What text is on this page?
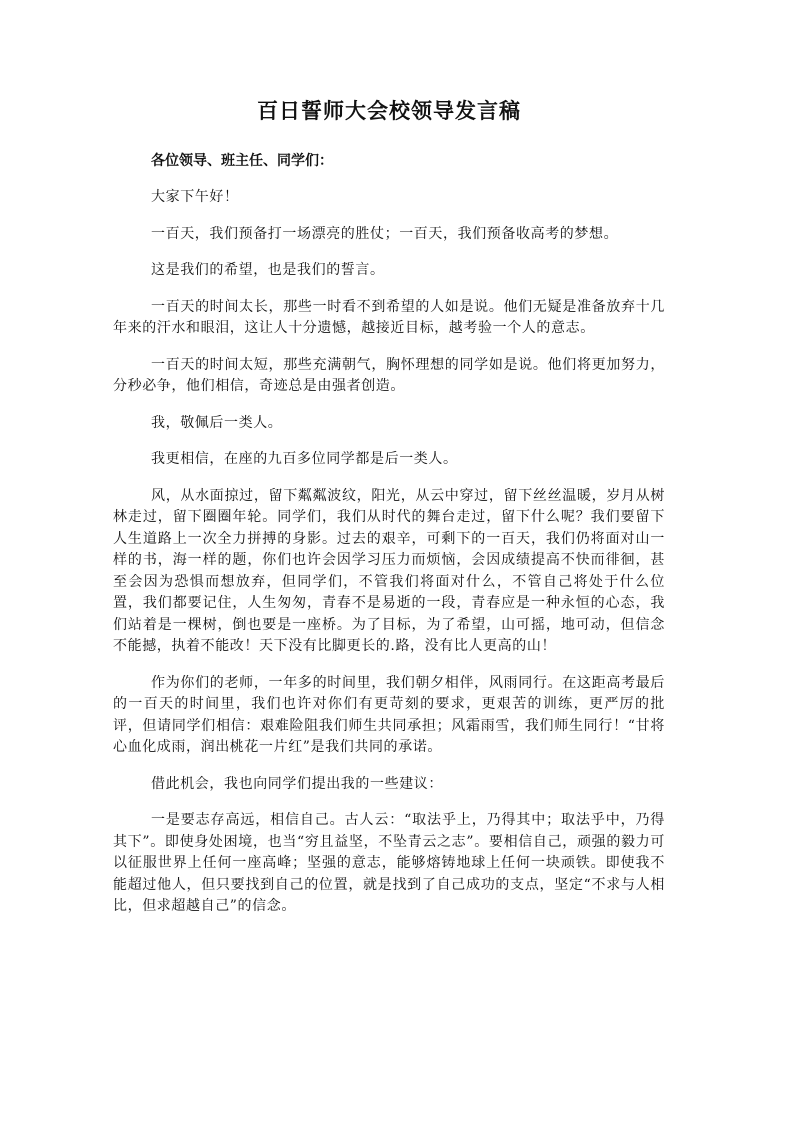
百日誓师大会校领导发言稿

各位领导、班主任、同学们：

大家下午好！

一百天，我们预备打一场漂亮的胜仗；一百天，我们预备收高考的梦想。

这是我们的希望，也是我们的誓言。

一百天的时间太长，那些一时看不到希望的人如是说。他们无疑是准备放弃十几年来的汗水和眼泪，这让人十分遗憾，越接近目标，越考验一个人的意志。

一百天的时间太短，那些充满朝气，胸怀理想的同学如是说。他们将更加努力，分秒必争，他们相信，奇迹总是由强者创造。

我，敬佩后一类人。

我更相信，在座的九百多位同学都是后一类人。

风，从水面掠过，留下粼粼波纹，阳光，从云中穿过，留下丝丝温暖，岁月从树林走过，留下圈圈年轮。同学们，我们从时代的舞台走过，留下什么呢？我们要留下人生道路上一次全力拼搏的身影。过去的艰辛，可剩下的一百天，我们仍将面对山一样的书，海一样的题，你们也许会因学习压力而烦恼，会因成绩提高不快而徘徊，甚至会因为恐惧而想放弃，但同学们，不管我们将面对什么，不管自己将处于什么位置，我们都要记住，人生匆匆，青春不是易逝的一段，青春应是一种永恒的心态，我们站着是一棵树，倒也要是一座桥。为了目标，为了希望，山可摇，地可动，但信念不能撼，执着不能改！天下没有比脚更长的.路，没有比人更高的山！

作为你们的老师，一年多的时间里，我们朝夕相伴，风雨同行。在这距高考最后的一百天的时间里，我们也许对你们有更苛刻的要求，更艰苦的训练，更严厉的批评，但请同学们相信：艰难险阻我们师生共同承担；风霜雨雪，我们师生同行！“甘将心血化成雨，润出桃花一片红”是我们共同的承诺。

借此机会，我也向同学们提出我的一些建议：

一是要志存高远，相信自己。古人云：“取法乎上，乃得其中；取法乎中，乃得其下”。即使身处困境，也当“穷且益坚，不坠青云之志”。要相信自己，顽强的毅力可以征服世界上任何一座高峰；坚强的意志，能够熔铸地球上任何一块顽铁。即使我不能超过他人，但只要找到自己的位置，就是找到了自己成功的支点，坚定“不求与人相比，但求超越自己”的信念。
